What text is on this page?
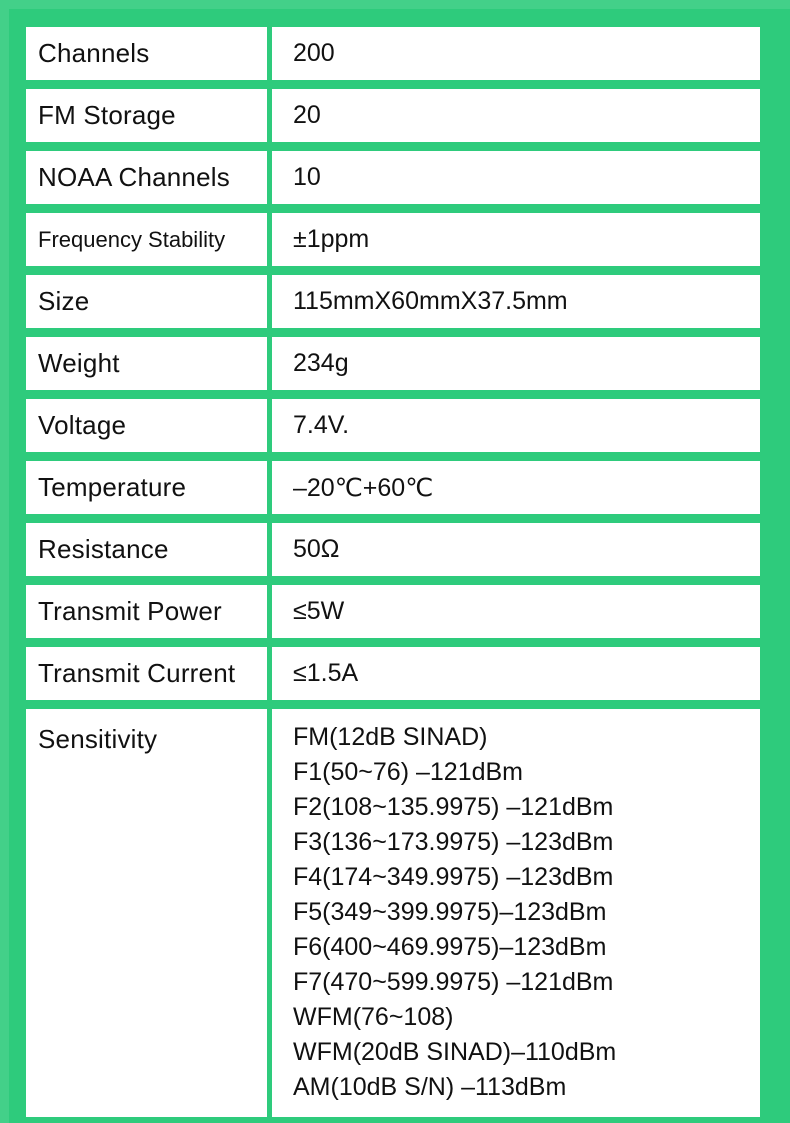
Channels	200
FM Storage	20
NOAA Channels	10
Frequency Stability	±1ppm
Size	115mmX60mmX37.5mm
Weight	234g
Voltage	7.4V.
Temperature	–20℃+60℃
Resistance	50Ω
Transmit Power	≤5W
Transmit Current	≤1.5A
Sensitivity	FM(12dB SINAD)
F1(50~76) –121dBm
F2(108~135.9975) –121dBm
F3(136~173.9975) –123dBm
F4(174~349.9975) –123dBm
F5(349~399.9975)–123dBm
F6(400~469.9975)–123dBm
F7(470~599.9975) –121dBm
WFM(76~108)
WFM(20dB SINAD)–110dBm
AM(10dB S/N) –113dBm
